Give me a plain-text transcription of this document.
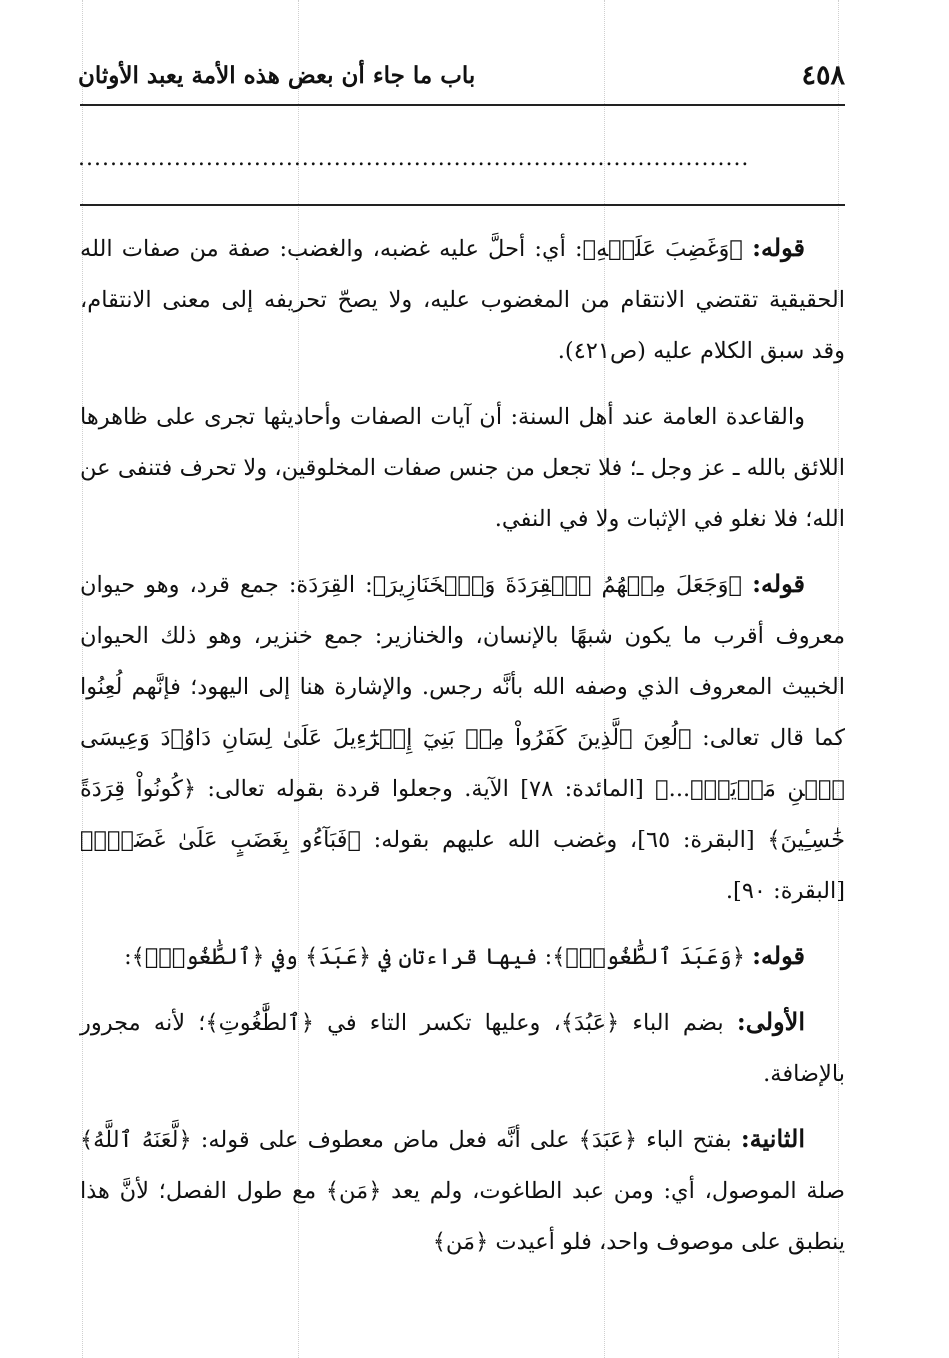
٤٥٨
باب ما جاء أن بعض هذه الأمة يعبد الأوثان
....................................................................................

قوله: ﴿وَغَضِبَ عَلَيۡهِ﴾: أي: أحلَّ عليه غضبه، والغضب: صفة من صفات الله الحقيقية تقتضي الانتقام من المغضوب عليه، ولا يصحّ تحريفه إلى معنى الانتقام، وقد سبق الكلام عليه (ص٤٢١).

والقاعدة العامة عند أهل السنة: أن آيات الصفات وأحاديثها تجرى على ظاهرها اللائق بالله ـ عز وجل ـ؛ فلا تجعل من جنس صفات المخلوقين، ولا تحرف فتنفى عن الله؛ فلا نغلو في الإثبات ولا في النفي.

قوله: ﴿وَجَعَلَ مِنۡهُمُ ٱلۡقِرَدَةَ وَٱلۡخَنَازِيرَ﴾: القِرَدَة: جمع قرد، وهو حيوان معروف أقرب ما يكون شبهًا بالإنسان، والخنازير: جمع خنزير، وهو ذلك الحيوان الخبيث المعروف الذي وصفه الله بأنَّه رجس. والإشارة هنا إلى اليهود؛ فإنَّهم لُعِنُوا كما قال تعالى: ﴿لُعِنَ ٱلَّذِينَ كَفَرُواْ مِنۢ بَنِيٓ إِسۡرَٰٓءِيلَ عَلَىٰ لِسَانِ دَاوُۥدَ وَعِيسَى ٱبۡنِ مَرۡيَمَۚ...﴾ [المائدة: ٧٨] الآية. وجعلوا قردة بقوله تعالى: ﴿كُونُواْ قِرَدَةً خَٰسِـِٔينَ﴾ [البقرة: ٦٥]، وغضب الله عليهم بقوله: ﴿فَبَآءُو بِغَضَبٍ عَلَىٰ غَضَبٖۚ﴾ [البقرة: ٩٠].

قوله: ﴿وَعَبَدَ ٱلطَّٰغُوتَۚ﴾: فيها قراءتان في ﴿عَبَدَ﴾ وفي ﴿ٱلطَّٰغُوتَۚ﴾:

الأولى: بضم الباء ﴿عَبُدَ﴾، وعليها تكسر التاء في ﴿ٱلطَّٰغُوتِ﴾؛ لأنه مجرور بالإضافة.

الثانية: بفتح الباء ﴿عَبَدَ﴾ على أنَّه فعل ماض معطوف على قوله: ﴿لَّعَنَهُ ٱللَّهُ﴾ صلة الموصول، أي: ومن عبد الطاغوت، ولم يعد ﴿مَن﴾ مع طول الفصل؛ لأنَّ هذا ينطبق على موصوف واحد، فلو أعيدت ﴿مَن﴾
